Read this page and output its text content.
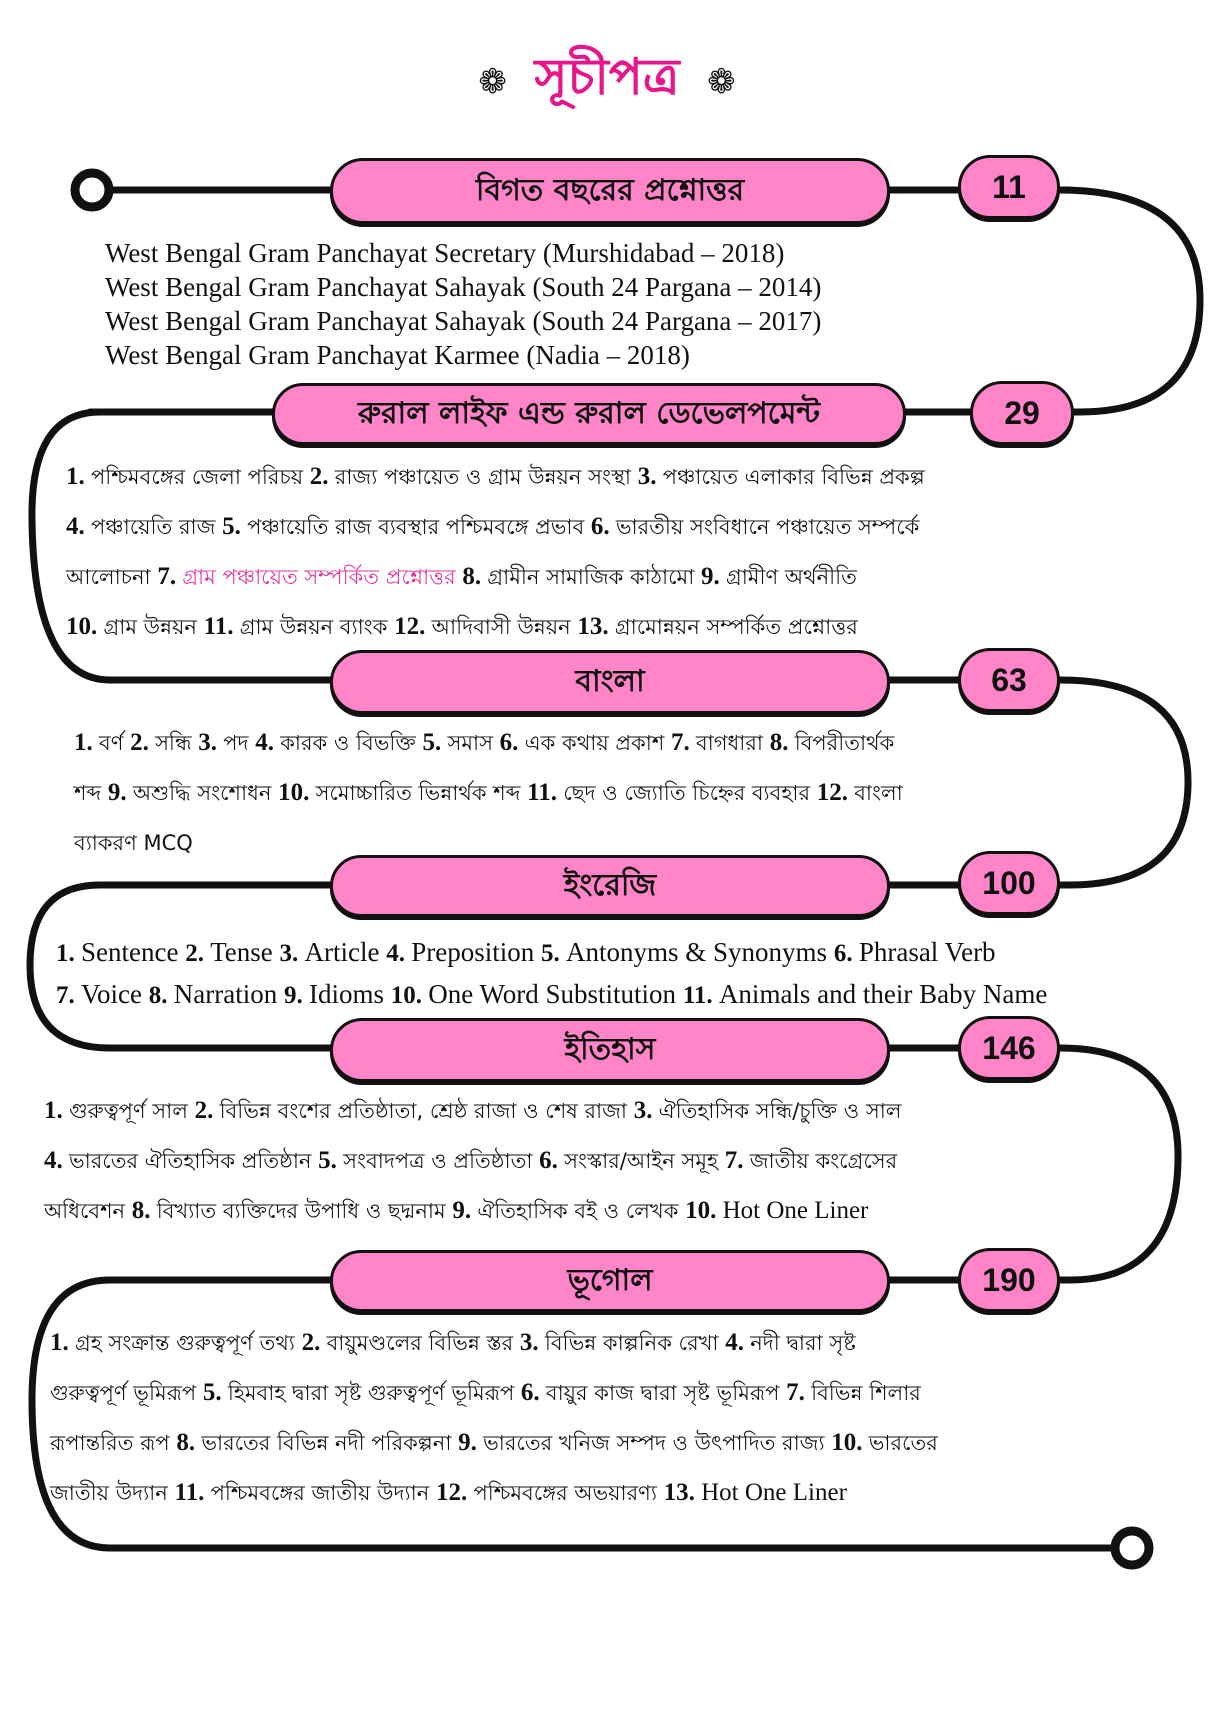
❁ সূচীপত্র ❁
বিগত বছরের প্রশ্নোত্তর	11
West Bengal Gram Panchayat Secretary (Murshidabad – 2018)
West Bengal Gram Panchayat Sahayak (South 24 Pargana – 2014)
West Bengal Gram Panchayat Sahayak (South 24 Pargana – 2017)
West Bengal Gram Panchayat Karmee (Nadia – 2018)
রুরাল লাইফ এন্ড রুরাল ডেভেলপমেন্ট	29
1. পশ্চিমবঙ্গের জেলা পরিচয় 2. রাজ্য পঞ্চায়েত ও গ্রাম উন্নয়ন সংস্থা 3. পঞ্চায়েত এলাকার বিভিন্ন প্রকল্প
4. পঞ্চায়েতি রাজ 5. পঞ্চায়েতি রাজ ব্যবস্থার পশ্চিমবঙ্গে প্রভাব 6. ভারতীয় সংবিধানে পঞ্চায়েত সম্পর্কে
আলোচনা 7. গ্রাম পঞ্চায়েত সম্পর্কিত প্রশ্নোত্তর 8. গ্রামীন সামাজিক কাঠামো 9. গ্রামীণ অর্থনীতি
10. গ্রাম উন্নয়ন 11. গ্রাম উন্নয়ন ব্যাংক 12. আদিবাসী উন্নয়ন 13. গ্রামোন্নয়ন সম্পর্কিত প্রশ্নোত্তর
বাংলা	63
1. বর্ণ 2. সন্ধি 3. পদ 4. কারক ও বিভক্তি 5. সমাস 6. এক কথায় প্রকাশ 7. বাগধারা 8. বিপরীতার্থক
শব্দ 9. অশুদ্ধি সংশোধন 10. সমোচ্চারিত ভিন্নার্থক শব্দ 11. ছেদ ও জ্যোতি চিহ্নের ব্যবহার 12. বাংলা
ব্যাকরণ MCQ
ইংরেজি	100
1. Sentence 2. Tense 3. Article 4. Preposition 5. Antonyms & Synonyms 6. Phrasal Verb
7. Voice 8. Narration 9. Idioms 10. One Word Substitution 11. Animals and their Baby Name
ইতিহাস	146
1. গুরুত্বপূর্ণ সাল 2. বিভিন্ন বংশের প্রতিষ্ঠাতা, শ্রেষ্ঠ রাজা ও শেষ রাজা 3. ঐতিহাসিক সন্ধি/চুক্তি ও সাল
4. ভারতের ঐতিহাসিক প্রতিষ্ঠান 5. সংবাদপত্র ও প্রতিষ্ঠাতা 6. সংস্কার/আইন সমূহ 7. জাতীয় কংগ্রেসের
অধিবেশন 8. বিখ্যাত ব্যক্তিদের উপাধি ও ছদ্মনাম 9. ঐতিহাসিক বই ও লেখক 10. Hot One Liner
ভূগোল	190
1. গ্রহ সংক্রান্ত গুরুত্বপূর্ণ তথ্য 2. বায়ুমণ্ডলের বিভিন্ন স্তর 3. বিভিন্ন কাল্পনিক রেখা 4. নদী দ্বারা সৃষ্ট
গুরুত্বপূর্ণ ভূমিরূপ 5. হিমবাহ দ্বারা সৃষ্ট গুরুত্বপূর্ণ ভূমিরূপ 6. বায়ুর কাজ দ্বারা সৃষ্ট ভূমিরূপ 7. বিভিন্ন শিলার
রূপান্তরিত রূপ 8. ভারতের বিভিন্ন নদী পরিকল্পনা 9. ভারতের খনিজ সম্পদ ও উৎপাদিত রাজ্য 10. ভারতের
জাতীয় উদ্যান 11. পশ্চিমবঙ্গের জাতীয় উদ্যান 12. পশ্চিমবঙ্গের অভয়ারণ্য 13. Hot One Liner
